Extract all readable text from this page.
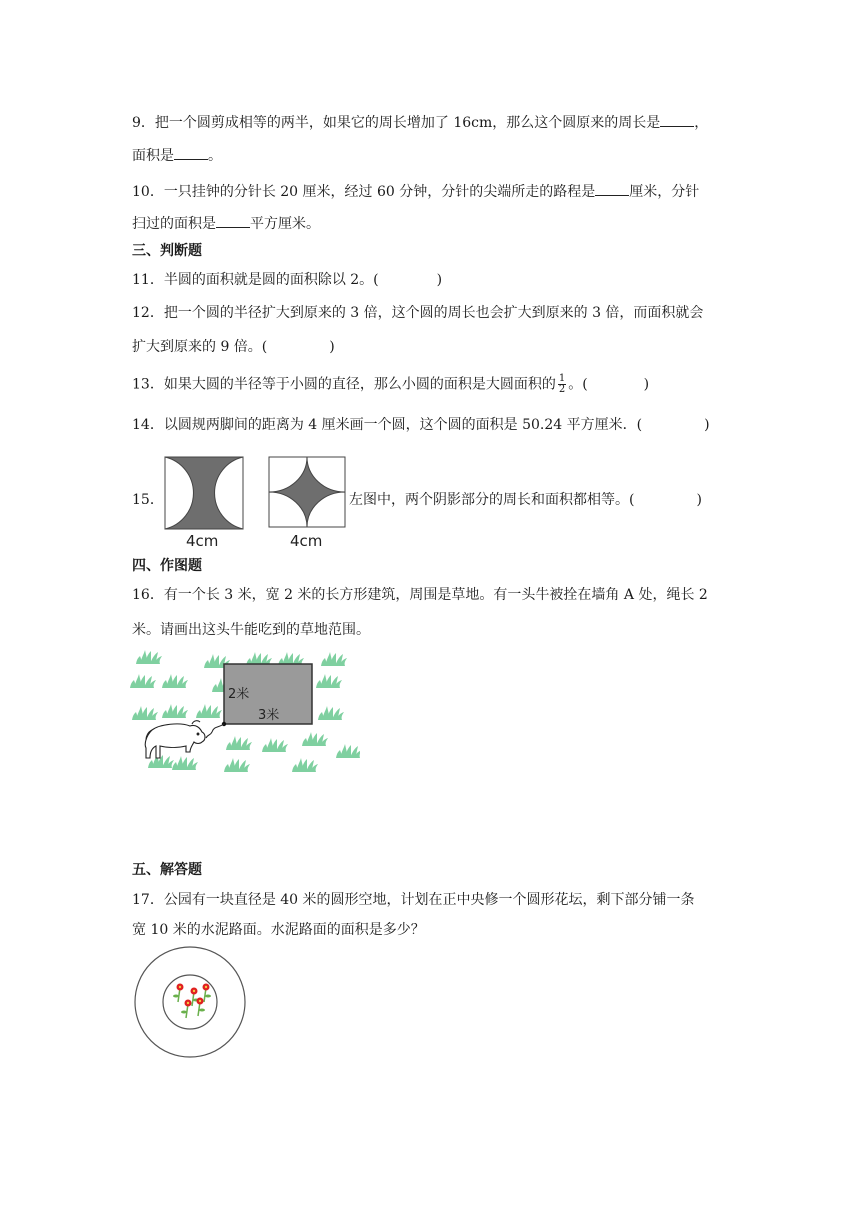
9．把一个圆剪成相等的两半，如果它的周长增加了 16cm，那么这个圆原来的周长是 ，
面积是 。
10．一只挂钟的分针长 20 厘米，经过 60 分钟，分针的尖端所走的路程是 厘米，分针
扫过的面积是 平方厘米。
三、判断题
11．半圆的面积就是圆的面积除以 2。(	)
12．把一个圆的半径扩大到原来的 3 倍，这个圆的周长也会扩大到原来的 3 倍，而面积就会
扩大到原来的 9 倍。(	)
13．如果大圆的半径等于小圆的直径，那么小圆的面积是大圆面积的 $\frac{1}{2}$ 。(	)
14．以圆规两脚间的距离为 4 厘米画一个圆，这个圆的面积是 50.24 平方厘米．(	)
15．
4cm	4cm
左图中，两个阴影部分的周长和面积都相等。(	)
四、作图题
16．有一个长 3 米，宽 2 米的长方形建筑，周围是草地。有一头牛被拴在墙角 A 处，绳长 2
米。请画出这头牛能吃到的草地范围。
2米
3米
五、解答题
17．公园有一块直径是 40 米的圆形空地，计划在正中央修一个圆形花坛，剩下部分铺一条
宽 10 米的水泥路面。水泥路面的面积是多少？
